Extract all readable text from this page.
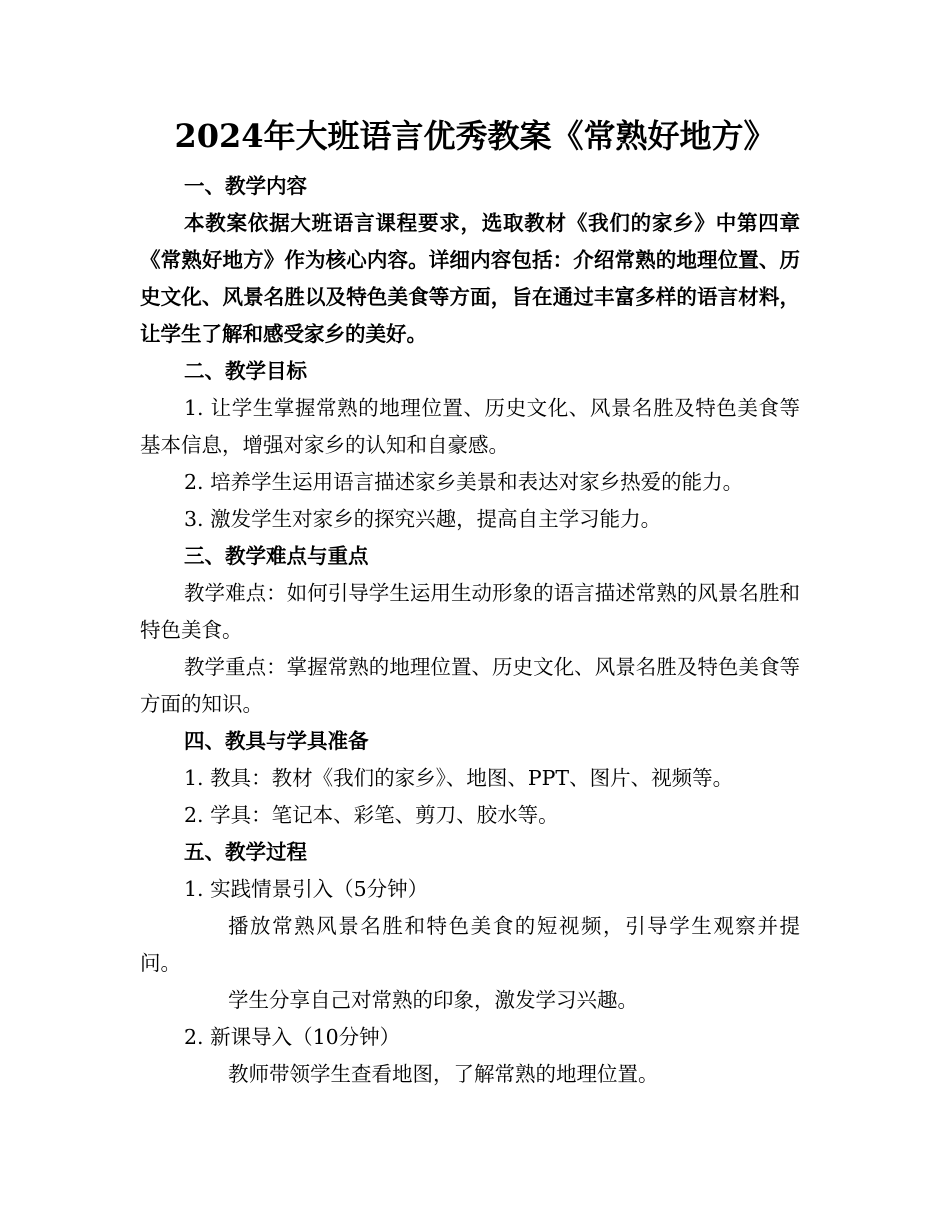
2024年大班语言优秀教案《常熟好地方》

一、教学内容

本教案依据大班语言课程要求，选取教材《我们的家乡》中第四章《常熟好地方》作为核心内容。详细内容包括：介绍常熟的地理位置、历史文化、风景名胜以及特色美食等方面，旨在通过丰富多样的语言材料，让学生了解和感受家乡的美好。

二、教学目标

1. 让学生掌握常熟的地理位置、历史文化、风景名胜及特色美食等基本信息，增强对家乡的认知和自豪感。

2. 培养学生运用语言描述家乡美景和表达对家乡热爱的能力。

3. 激发学生对家乡的探究兴趣，提高自主学习能力。

三、教学难点与重点

教学难点：如何引导学生运用生动形象的语言描述常熟的风景名胜和特色美食。

教学重点：掌握常熟的地理位置、历史文化、风景名胜及特色美食等方面的知识。

四、教具与学具准备

1. 教具：教材《我们的家乡》、地图、PPT、图片、视频等。

2. 学具：笔记本、彩笔、剪刀、胶水等。

五、教学过程

1. 实践情景引入（5分钟）

播放常熟风景名胜和特色美食的短视频，引导学生观察并提问。

学生分享自己对常熟的印象，激发学习兴趣。

2. 新课导入（10分钟）

教师带领学生查看地图，了解常熟的地理位置。
